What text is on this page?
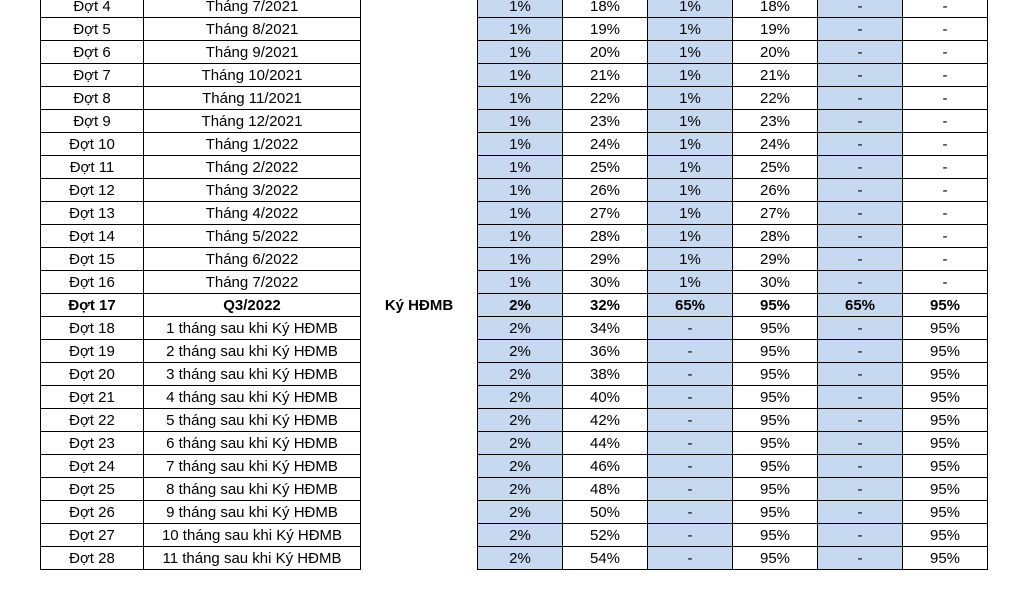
Đợt 4	Tháng 7/2021		1%	18%	1%	18%	-	-
Đợt 5	Tháng 8/2021		1%	19%	1%	19%	-	-
Đợt 6	Tháng 9/2021		1%	20%	1%	20%	-	-
Đợt 7	Tháng 10/2021		1%	21%	1%	21%	-	-
Đợt 8	Tháng 11/2021		1%	22%	1%	22%	-	-
Đợt 9	Tháng 12/2021		1%	23%	1%	23%	-	-
Đợt 10	Tháng 1/2022		1%	24%	1%	24%	-	-
Đợt 11	Tháng 2/2022		1%	25%	1%	25%	-	-
Đợt 12	Tháng 3/2022		1%	26%	1%	26%	-	-
Đợt 13	Tháng 4/2022		1%	27%	1%	27%	-	-
Đợt 14	Tháng 5/2022		1%	28%	1%	28%	-	-
Đợt 15	Tháng 6/2022		1%	29%	1%	29%	-	-
Đợt 16	Tháng 7/2022		1%	30%	1%	30%	-	-
Đợt 17	Q3/2022	Ký HĐMB	2%	32%	65%	95%	65%	95%
Đợt 18	1 tháng sau khi Ký HĐMB		2%	34%	-	95%	-	95%
Đợt 19	2 tháng sau khi Ký HĐMB		2%	36%	-	95%	-	95%
Đợt 20	3 tháng sau khi Ký HĐMB		2%	38%	-	95%	-	95%
Đợt 21	4 tháng sau khi Ký HĐMB		2%	40%	-	95%	-	95%
Đợt 22	5 tháng sau khi Ký HĐMB		2%	42%	-	95%	-	95%
Đợt 23	6 tháng sau khi Ký HĐMB		2%	44%	-	95%	-	95%
Đợt 24	7 tháng sau khi Ký HĐMB		2%	46%	-	95%	-	95%
Đợt 25	8 tháng sau khi Ký HĐMB		2%	48%	-	95%	-	95%
Đợt 26	9 tháng sau khi Ký HĐMB		2%	50%	-	95%	-	95%
Đợt 27	10 tháng sau khi Ký HĐMB		2%	52%	-	95%	-	95%
Đợt 28	11 tháng sau khi Ký HĐMB		2%	54%	-	95%	-	95%
